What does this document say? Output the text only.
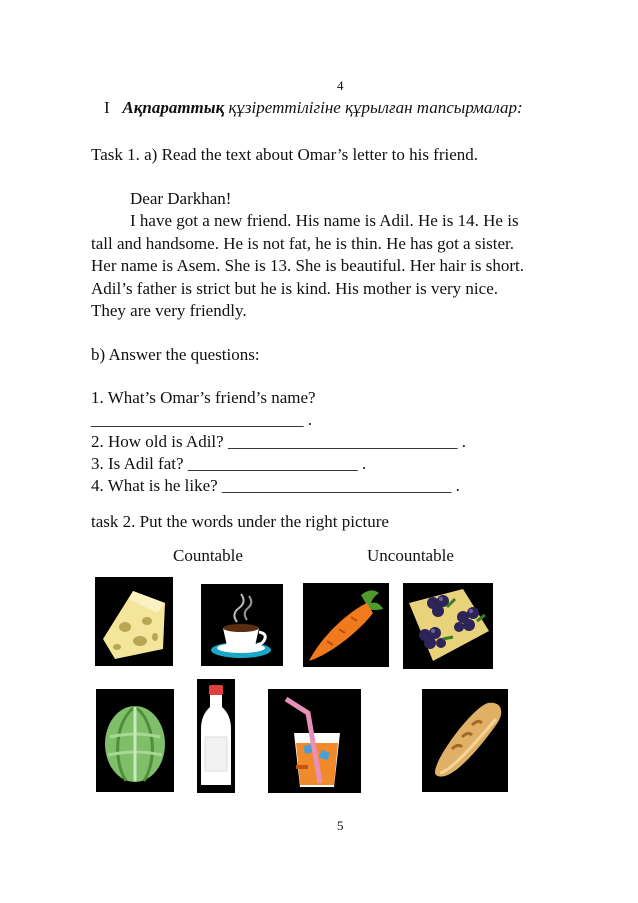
4
I Ақпараттық құзіреттілігіне құрылған тапсырмалар:
Task 1. a) Read the text about Omar’s letter to his friend.
Dear Darkhan!

I have got a new friend. His name is Adil. He is 14. He is

tall and handsome. He is not fat, he is thin. He has got a sister.

Her name is Asem. She is 13. She is beautiful. Her hair is short.

Adil’s father is strict but he is kind. His mother is very nice.

They are very friendly.

b) Answer the questions:

1. What’s Omar’s friend’s name?

_________________________ .

2. How old is Adil? ___________________________ .

3. Is Adil fat? ____________________ .

4. What is he like? ___________________________ .

task 2. Put the words under the right picture
Countable	Uncountable
5
